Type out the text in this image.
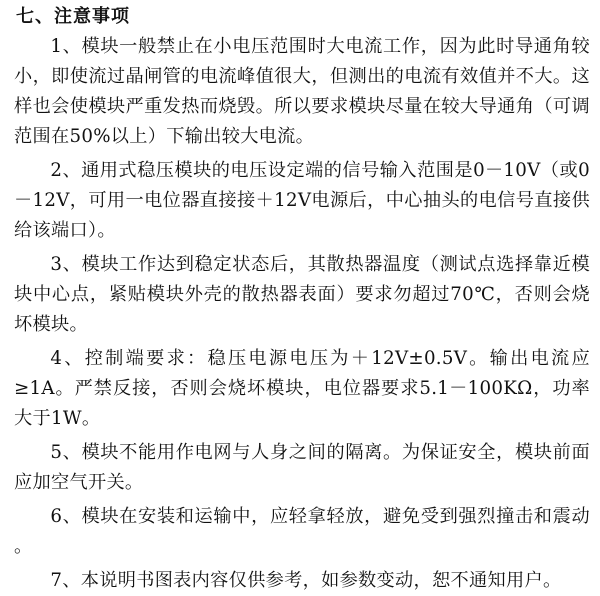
七、注意事项

1、模块一般禁止在小电压范围时大电流工作，因为此时导通角较小，即使流过晶闸管的电流峰值很大，但测出的电流有效值并不大。这样也会使模块严重发热而烧毁。所以要求模块尽量在较大导通角（可调范围在50%以上）下输出较大电流。

2、通用式稳压模块的电压设定端的信号输入范围是0－10V（或0－12V，可用一电位器直接接＋12V电源后，中心抽头的电信号直接供给该端口）。

3、模块工作达到稳定状态后，其散热器温度（测试点选择靠近模块中心点，紧贴模块外壳的散热器表面）要求勿超过70℃，否则会烧坏模块。

4、控制端要求：稳压电源电压为＋12V±0.5V。输出电流应≥1A。严禁反接，否则会烧坏模块，电位器要求5.1－100KΩ，功率大于1W。

5、模块不能用作电网与人身之间的隔离。为保证安全，模块前面应加空气开关。

6、模块在安装和运输中，应轻拿轻放，避免受到强烈撞击和震动 。

7、本说明书图表内容仅供参考，如参数变动，恕不通知用户。
